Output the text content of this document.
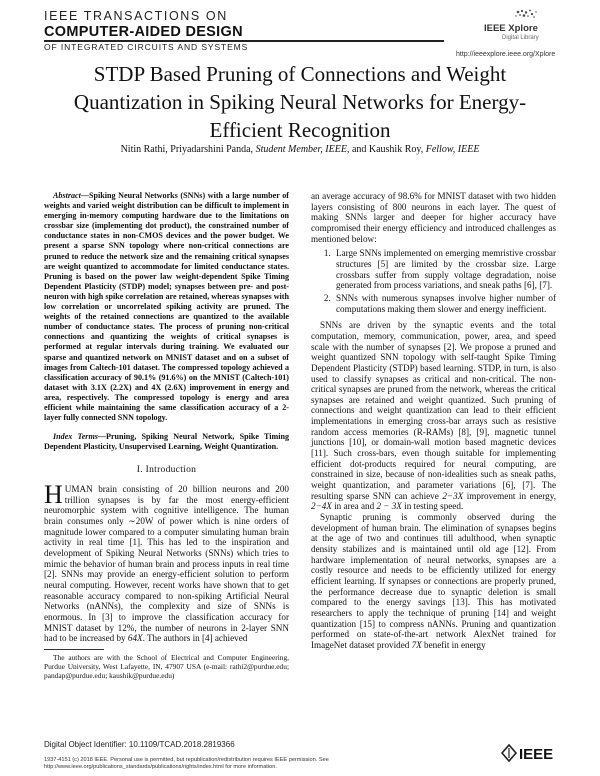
IEEE TRANSACTIONS ON
COMPUTER-AIDED DESIGN
OF INTEGRATED CIRCUITS AND SYSTEMS
IEEE Xplore
Digital Library
http://ieeexplore.ieee.org/Xplore
STDP Based Pruning of Connections and Weight Quantization in Spiking Neural Networks for Energy-Efficient Recognition
Nitin Rathi, Priyadarshini Panda, Student Member, IEEE, and Kaushik Roy, Fellow, IEEE

Abstract—Spiking Neural Networks (SNNs) with a large number of weights and varied weight distribution can be difficult to implement in emerging in-memory computing hardware due to the limitations on crossbar size (implementing dot product), the constrained number of conductance states in non-CMOS devices and the power budget. We present a sparse SNN topology where non-critical connections are pruned to reduce the network size and the remaining critical synapses are weight quantized to accommodate for limited conductance states. Pruning is based on the power law weight-dependent Spike Timing Dependent Plasticity (STDP) model; synapses between pre- and post-neuron with high spike correlation are retained, whereas synapses with low correlation or uncorrelated spiking activity are pruned. The weights of the retained connections are quantized to the available number of conductance states. The process of pruning non-critical connections and quantizing the weights of critical synapses is performed at regular intervals during training. We evaluated our sparse and quantized network on MNIST dataset and on a subset of images from Caltech-101 dataset. The compressed topology achieved a classification accuracy of 90.1% (91.6%) on the MNIST (Caltech-101) dataset with 3.1X (2.2X) and 4X (2.6X) improvement in energy and area, respectively. The compressed topology is energy and area efficient while maintaining the same classification accuracy of a 2-layer fully connected SNN topology.

Index Terms—Pruning, Spiking Neural Network, Spike Timing Dependent Plasticity, Unsupervised Learning, Weight Quantization.

I. Introduction

HUMAN brain consisting of 20 billion neurons and 200 trillion synapses is by far the most energy-efficient neuromorphic system with cognitive intelligence. The human brain consumes only ∼20W of power which is nine orders of magnitude lower compared to a computer simulating human brain activity in real time [1]. This has led to the inspiration and development of Spiking Neural Networks (SNNs) which tries to mimic the behavior of human brain and process inputs in real time [2]. SNNs may provide an energy-efficient solution to perform neural computing. However, recent works have shown that to get reasonable accuracy compared to non-spiking Artificial Neural Networks (nANNs), the complexity and size of SNNs is enormous. In [3] to improve the classification accuracy for MNIST dataset by 12%, the number of neurons in 2-layer SNN had to be increased by 64X. The authors in [4] achieved

The authors are with the School of Electrical and Computer Engineering, Purdue University, West Lafayette, IN, 47907 USA (e-mail: rathi2@purdue.edu; pandap@purdue.edu; kaushik@purdue.edu)

an average accuracy of 98.6% for MNIST dataset with two hidden layers consisting of 800 neurons in each layer. The quest of making SNNs larger and deeper for higher accuracy have compromised their energy efficiency and introduced challenges as mentioned below:

1. Large SNNs implemented on emerging memristive crossbar structures [5] are limited by the crossbar size. Large crossbars suffer from supply voltage degradation, noise generated from process variations, and sneak paths [6], [7].
2. SNNs with numerous synapses involve higher number of computations making them slower and energy inefficient.

SNNs are driven by the synaptic events and the total computation, memory, communication, power, area, and speed scale with the number of synapses [2]. We propose a pruned and weight quantized SNN topology with self-taught Spike Timing Dependent Plasticity (STDP) based learning. STDP, in turn, is also used to classify synapses as critical and non-critical. The non-critical synapses are pruned from the network, whereas the critical synapses are retained and weight quantized. Such pruning of connections and weight quantization can lead to their efficient implementations in emerging cross-bar arrays such as resistive random access memories (R-RAMs) [8], [9], magnetic tunnel junctions [10], or domain-wall motion based magnetic devices [11]. Such cross-bars, even though suitable for implementing efficient dot-products required for neural computing, are constrained in size, because of non-idealities such as sneak paths, weight quantization, and parameter variations [6], [7]. The resulting sparse SNN can achieve 2−3X improvement in energy, 2−4X in area and 2 − 3X in testing speed.

Synaptic pruning is commonly observed during the development of human brain. The elimination of synapses begins at the age of two and continues till adulthood, when synaptic density stabilizes and is maintained until old age [12]. From hardware implementation of neural networks, synapses are a costly resource and needs to be efficiently utilized for energy efficient learning. If synapses or connections are properly pruned, the performance decrease due to synaptic deletion is small compared to the energy savings [13]. This has motivated researchers to apply the technique of pruning [14] and weight quantization [15] to compress nANNs. Pruning and quantization performed on state-of-the-art network AlexNet trained for ImageNet dataset provided 7X benefit in energy

Digital Object Identifier: 10.1109/TCAD.2018.2819366
1937-4151 (c) 2018 IEEE. Personal use is permitted, but republication/redistribution requires IEEE permission. See http://www.ieee.org/publications_standards/publications/rights/index.html for more information.
IEEE
